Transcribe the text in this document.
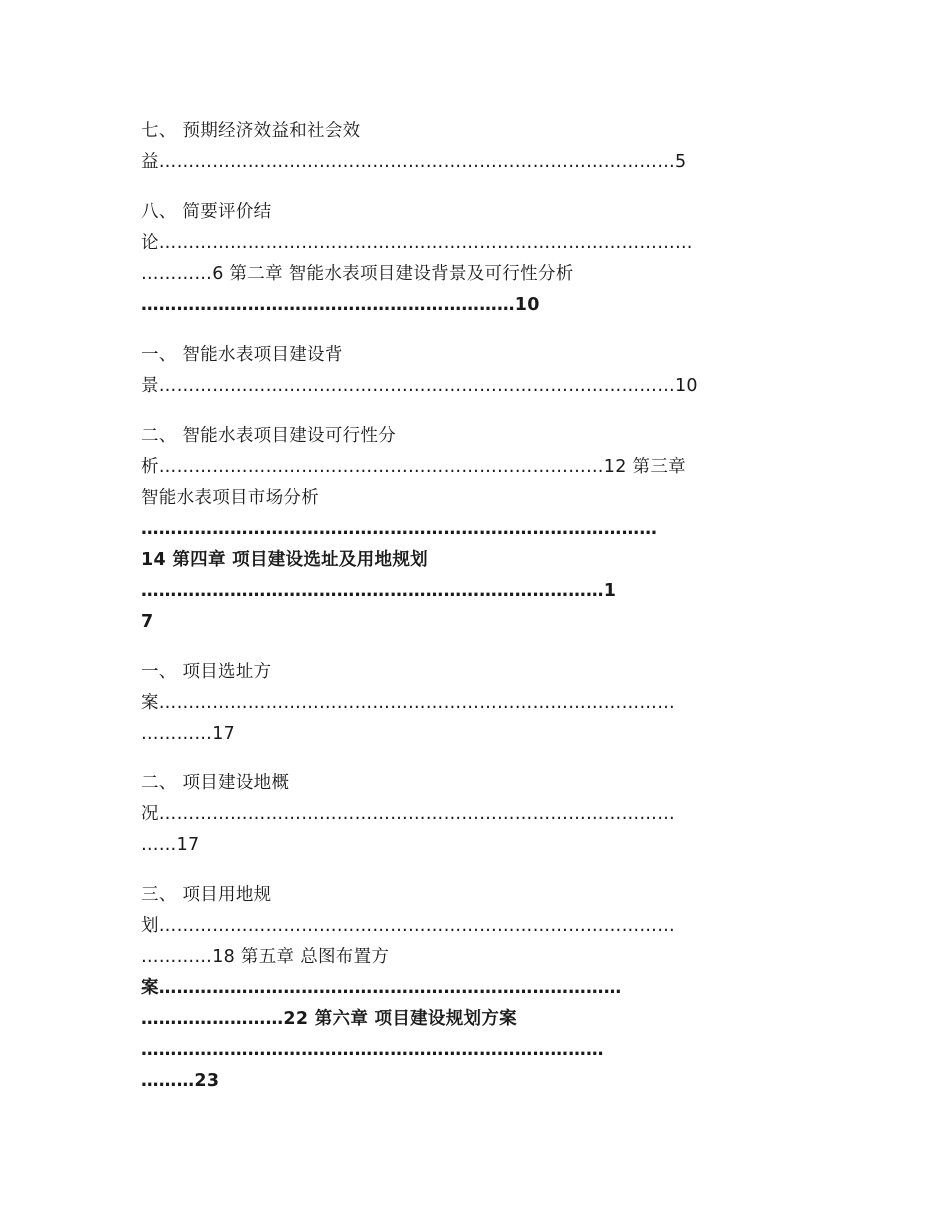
七、 预期经济效益和社会效
益……………………………………………………………………………5
八、 简要评价结
论………………………………………………………………………………
…………6 第二章 智能水表项目建设背景及可行性分析
………………………………………………………10
一、 智能水表项目建设背
景……………………………………………………………………………10
二、 智能水表项目建设可行性分
析…………………………………………………………………12 第三章
智能水表项目市场分析
……………………………………………………………………………
14 第四章 项目建设选址及用地规划
……………………………………………………………………1
7
一、 项目选址方
案……………………………………………………………………………
…………17
二、 项目建设地概
况……………………………………………………………………………
……17
三、 项目用地规
划……………………………………………………………………………
…………18 第五章 总图布置方
案……………………………………………………………………
……………………22 第六章 项目建设规划方案
……………………………………………………………………
………23
